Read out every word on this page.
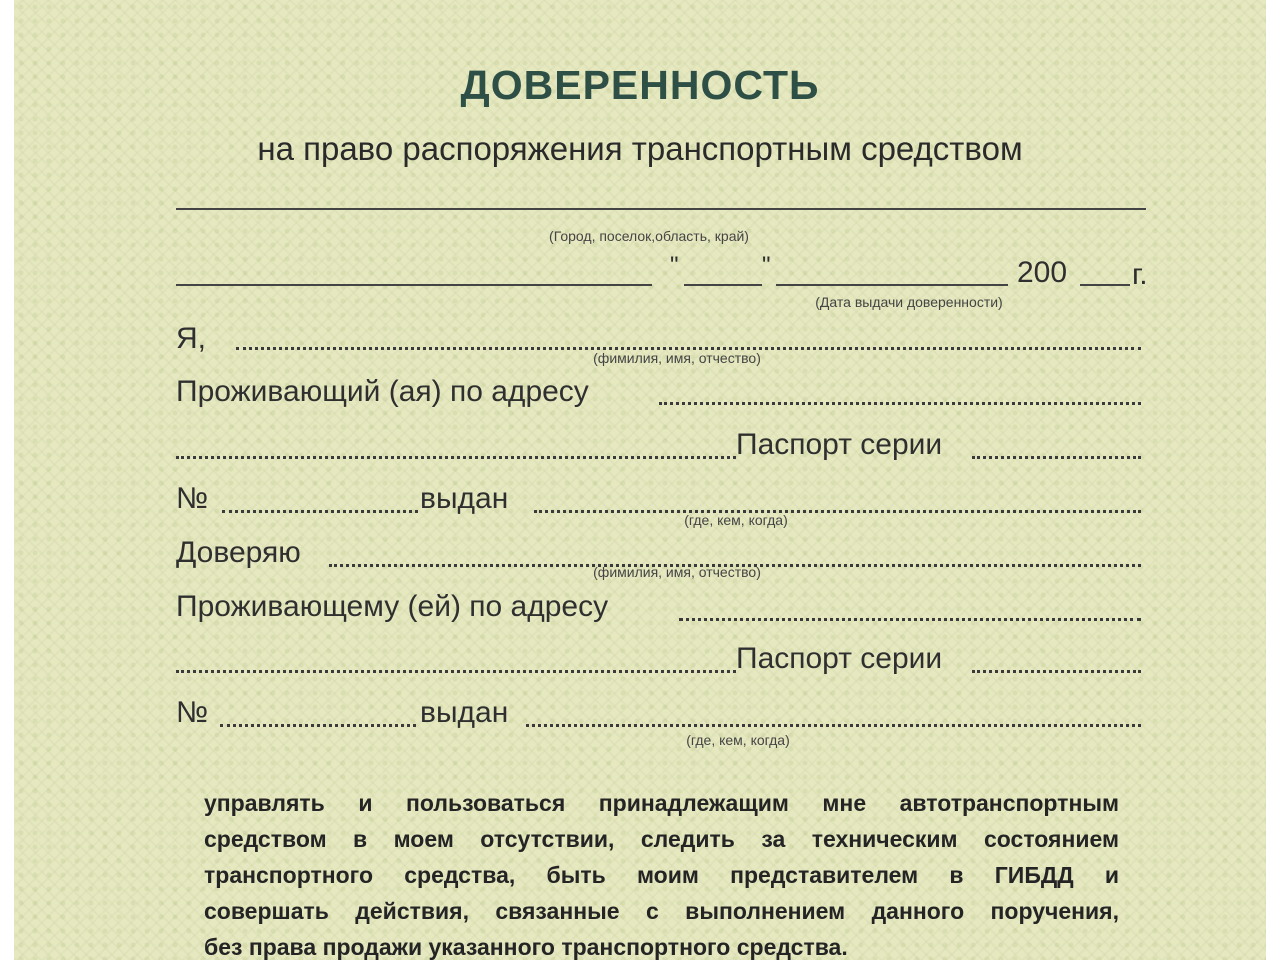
ДОВЕРЕННОСТЬ
на право распоряжения транспортным средством
(Город, поселок,область, край)
"	"	200 г.
(Дата выдачи доверенности)
Я,
(фимилия, имя, отчество)
Проживающий (ая) по адресу
Паспорт серии
№	выдан
(где, кем, когда)
Доверяю
(фимилия, имя, отчество)
Проживающему (ей) по адресу
Паспорт серии
№	выдан
(где, кем, когда)
управлять и пользоваться принадлежащим мне автотранспортным
средством в моем отсутствии, следить за техническим состоянием
транспортного средства, быть моим представителем в ГИБДД и
совершать действия, связанные с выполнением данного поручения,
без права продажи указанного транспортного средства.
